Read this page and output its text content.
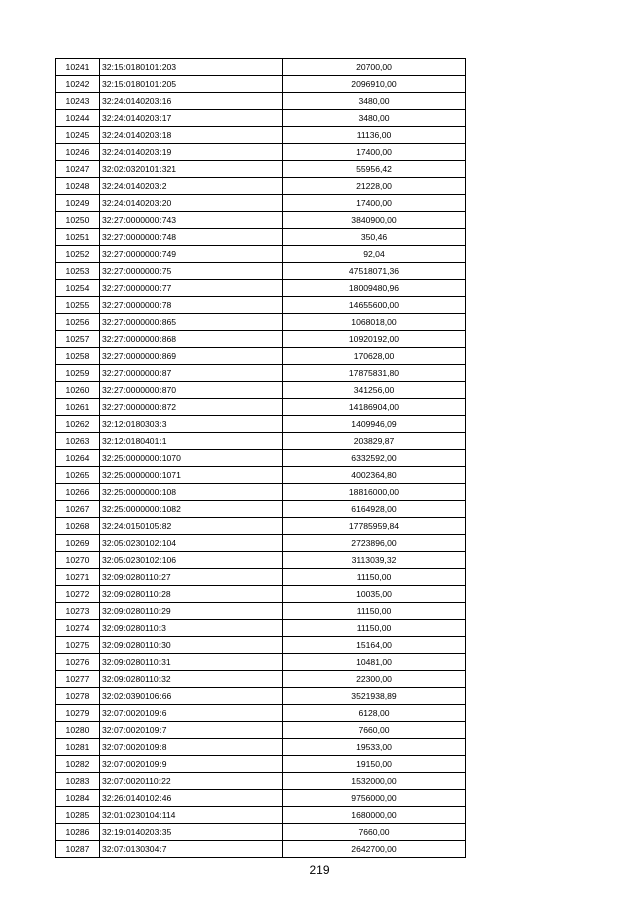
10241	32:15:0180101:203	20700,00
10242	32:15:0180101:205	2096910,00
10243	32:24:0140203:16	3480,00
10244	32:24:0140203:17	3480,00
10245	32:24:0140203:18	11136,00
10246	32:24:0140203:19	17400,00
10247	32:02:0320101:321	55956,42
10248	32:24:0140203:2	21228,00
10249	32:24:0140203:20	17400,00
10250	32:27:0000000:743	3840900,00
10251	32:27:0000000:748	350,46
10252	32:27:0000000:749	92,04
10253	32:27:0000000:75	47518071,36
10254	32:27:0000000:77	18009480,96
10255	32:27:0000000:78	14655600,00
10256	32:27:0000000:865	1068018,00
10257	32:27:0000000:868	10920192,00
10258	32:27:0000000:869	170628,00
10259	32:27:0000000:87	17875831,80
10260	32:27:0000000:870	341256,00
10261	32:27:0000000:872	14186904,00
10262	32:12:0180303:3	1409946,09
10263	32:12:0180401:1	203829,87
10264	32:25:0000000:1070	6332592,00
10265	32:25:0000000:1071	4002364,80
10266	32:25:0000000:108	18816000,00
10267	32:25:0000000:1082	6164928,00
10268	32:24:0150105:82	17785959,84
10269	32:05:0230102:104	2723896,00
10270	32:05:0230102:106	3113039,32
10271	32:09:0280110:27	11150,00
10272	32:09:0280110:28	10035,00
10273	32:09:0280110:29	11150,00
10274	32:09:0280110:3	11150,00
10275	32:09:0280110:30	15164,00
10276	32:09:0280110:31	10481,00
10277	32:09:0280110:32	22300,00
10278	32:02:0390106:66	3521938,89
10279	32:07:0020109:6	6128,00
10280	32:07:0020109:7	7660,00
10281	32:07:0020109:8	19533,00
10282	32:07:0020109:9	19150,00
10283	32:07:0020110:22	1532000,00
10284	32:26:0140102:46	9756000,00
10285	32:01:0230104:114	1680000,00
10286	32:19:0140203:35	7660,00
10287	32:07:0130304:7	2642700,00
219
